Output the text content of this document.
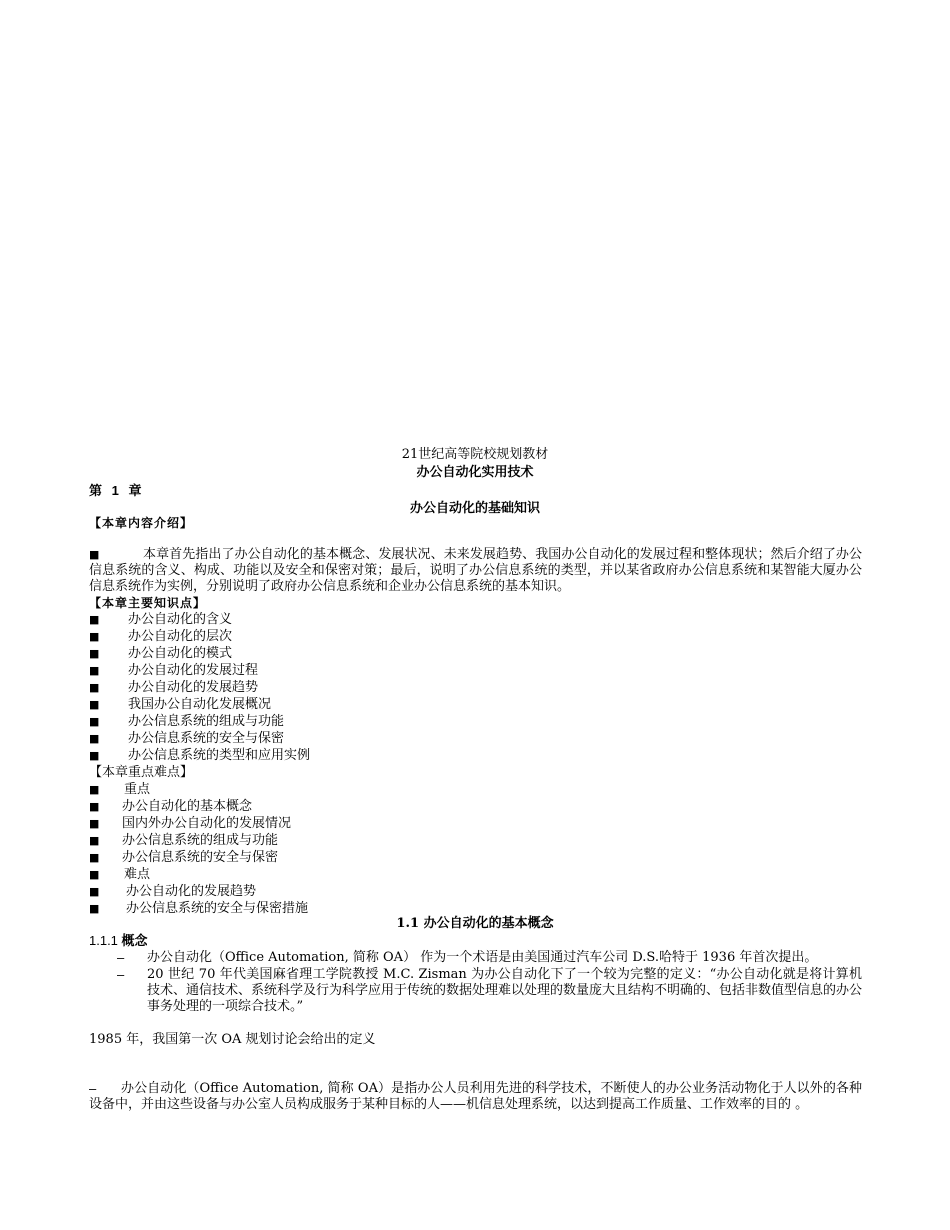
21世纪高等院校规划教材
办公自动化实用技术
第 1 章
办公自动化的基础知识
【本章内容介绍】
■	本章首先指出了办公自动化的基本概念、发展状况、未来发展趋势、我国办公自动化的发展过程和整体现状；然后介绍了办公信息系统的含义、构成、功能以及安全和保密对策；最后，说明了办公信息系统的类型，并以某省政府办公信息系统和某智能大厦办公信息系统作为实例，分别说明了政府办公信息系统和企业办公信息系统的基本知识。
【本章主要知识点】
■ 办公自动化的含义
■ 办公自动化的层次
■ 办公自动化的模式
■ 办公自动化的发展过程
■ 办公自动化的发展趋势
■ 我国办公自动化发展概况
■ 办公信息系统的组成与功能
■ 办公信息系统的安全与保密
■ 办公信息系统的类型和应用实例
【本章重点难点】
■ 重点
■ 办公自动化的基本概念
■ 国内外办公自动化的发展情况
■ 办公信息系统的组成与功能
■ 办公信息系统的安全与保密
■ 难点
■ 办公自动化的发展趋势
■ 办公信息系统的安全与保密措施
1.1 办公自动化的基本概念
1.1.1 概念
– 办公自动化（Office Automation, 简称 OA） 作为一个术语是由美国通过汽车公司 D.S.哈特于 1936 年首次提出。
– 20 世纪 70 年代美国麻省理工学院教授 M.C. Zisman 为办公自动化下了一个较为完整的定义：“办公自动化就是将计算机技术、通信技术、系统科学及行为科学应用于传统的数据处理难以处理的数量庞大且结构不明确的、包括非数值型信息的办公事务处理的一项综合技术。”
1985 年，我国第一次 OA 规划讨论会给出的定义
–	办公自动化（Office Automation, 简称 OA）是指办公人员利用先进的科学技术，不断使人的办公业务活动物化于人以外的各种设备中，并由这些设备与办公室人员构成服务于某种目标的人——机信息处理系统，以达到提高工作质量、工作效率的目的 。
